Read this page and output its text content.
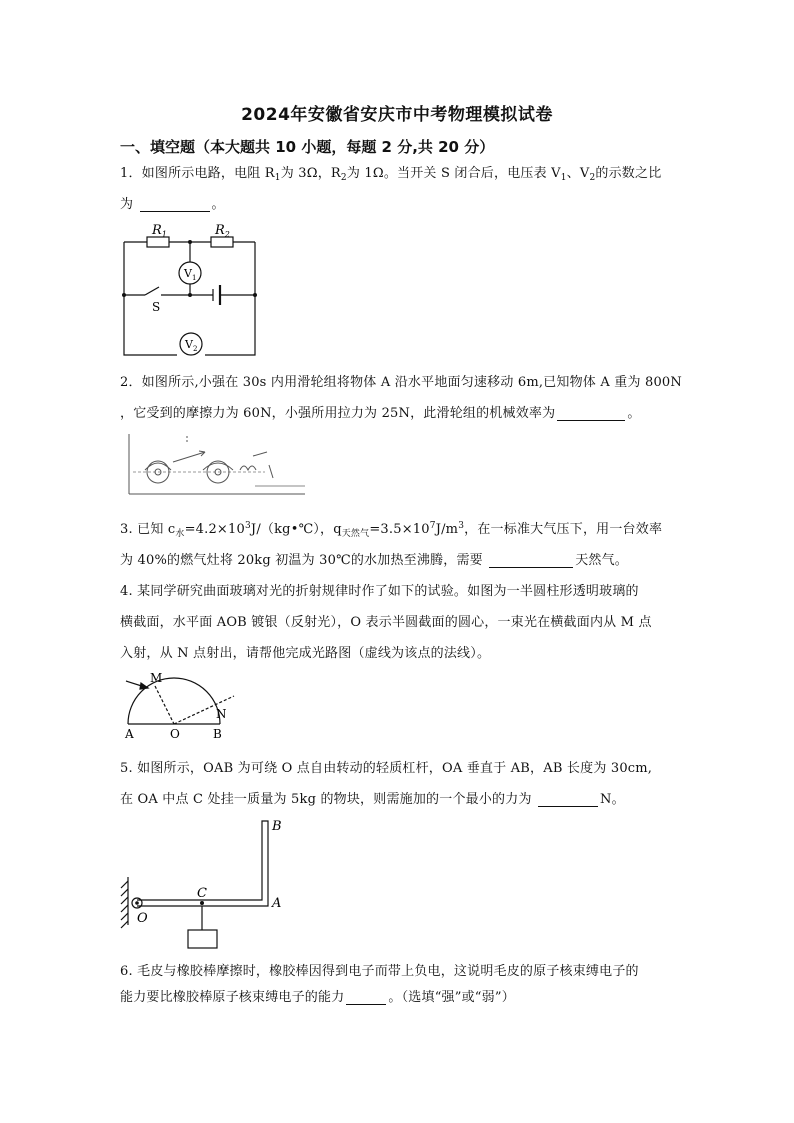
2024年安徽省安庆市中考物理模拟试卷
一、填空题（本大题共 10 小题，每题 2 分,共 20 分）
1．如图所示电路，电阻 $R_1$为 3Ω，$R_2$为 1Ω。当开关 S 闭合后，电压表 $V_1$、$V_2$的示数之比
为	。
$R_1$	$R_2$
$V_1$
$V_2$
S
2．如图所示,小强在 30s 内用滑轮组将物体 A 沿水平地面匀速移动 6m,已知物体 A 重为 800N
，它受到的摩擦力为 60N，小强所用拉力为 25N，此滑轮组的机械效率为	。
3. 已知 $c_水=4.2\times 10^3J/(kg•℃)$，$q_{天然气}=3.5\times 10^7J/m^3$，在一标准大气压下，用一台效率
为 40%的燃气灶将 20kg 初温为 30℃的水加热至沸腾，需要	天然气。
4. 某同学研究曲面玻璃对光的折射规律时作了如下的试验。如图为一半圆柱形透明玻璃的
横截面，水平面 AOB 镀银（反射光），O 表示半圆截面的圆心，一束光在横截面内从 M 点
入射，从 N 点射出，请帮他完成光路图（虚线为该点的法线）。
M
N
A	O	B
5. 如图所示，OAB 为可绕 O 点自由转动的轻质杠杆，OA 垂直于 AB，AB 长度为 30cm,
在 OA 中点 C 处挂一质量为 5kg 的物块，则需施加的一个最小的力为	N。
B
C
A
O
6. 毛皮与橡胶棒摩擦时，橡胶棒因得到电子而带上负电，这说明毛皮的原子核束缚电子的
能力要比橡胶棒原子核束缚电子的能力	。（选填“强”或“弱”）
